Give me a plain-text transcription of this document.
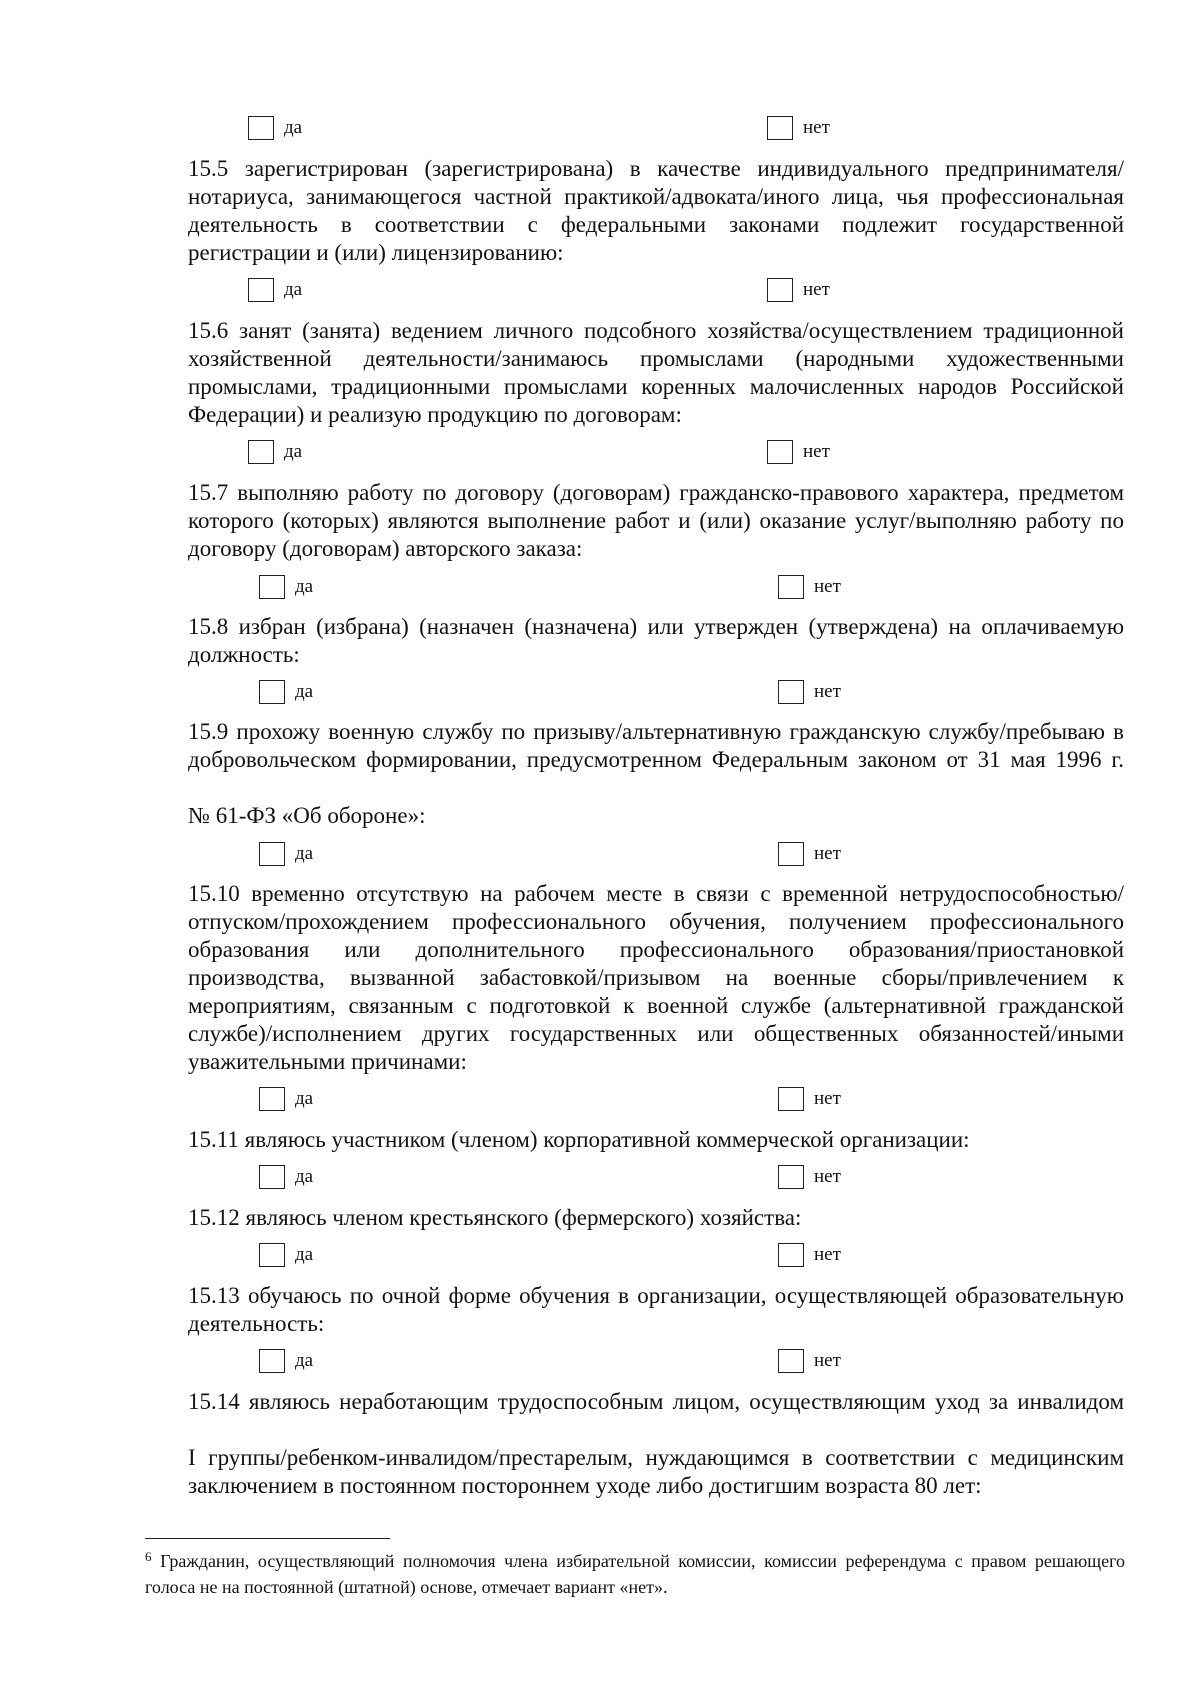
да	нет
15.5 зарегистрирован (зарегистрирована) в качестве индивидуального предпринимателя/ нотариуса, занимающегося частной практикой/адвоката/иного лица, чья профессиональная деятельность в соответствии с федеральными законами подлежит государственной регистрации и (или) лицензированию:
да	нет
15.6 занят (занята) ведением личного подсобного хозяйства/осуществлением традиционной хозяйственной деятельности/занимаюсь промыслами (народными художественными промыслами, традиционными промыслами коренных малочисленных народов Российской Федерации) и реализую продукцию по договорам:
да	нет
15.7 выполняю работу по договору (договорам) гражданско-правового характера, предметом которого (которых) являются выполнение работ и (или) оказание услуг/выполняю работу по договору (договорам) авторского заказа:
да	нет
15.8 избран (избрана) (назначен (назначена) или утвержден (утверждена) на оплачиваемую должность:
да	нет
15.9 прохожу военную службу по призыву/альтернативную гражданскую службу/пребываю в добровольческом формировании, предусмотренном Федеральным законом от 31 мая 1996 г.
№ 61-ФЗ «Об обороне»:
да	нет
15.10 временно отсутствую на рабочем месте в связи с временной нетрудоспособностью/ отпуском/прохождением профессионального обучения, получением профессионального образования или дополнительного профессионального образования/приостановкой производства, вызванной забастовкой/призывом на военные сборы/привлечением к мероприятиям, связанным с подготовкой к военной службе (альтернативной гражданской службе)/исполнением других государственных или общественных обязанностей/иными уважительными причинами:
да	нет
15.11 являюсь участником (членом) корпоративной коммерческой организации:
да	нет
15.12 являюсь членом крестьянского (фермерского) хозяйства:
да	нет
15.13 обучаюсь по очной форме обучения в организации, осуществляющей образовательную деятельность:
да	нет
15.14 являюсь неработающим трудоспособным лицом, осуществляющим уход за инвалидом
I группы/ребенком-инвалидом/престарелым, нуждающимся в соответствии с медицинским заключением в постоянном постороннем уходе либо достигшим возраста 80 лет:
$^6$ Гражданин, осуществляющий полномочия члена избирательной комиссии, комиссии референдума с правом решающего голоса не на постоянной (штатной) основе, отмечает вариант «нет».
